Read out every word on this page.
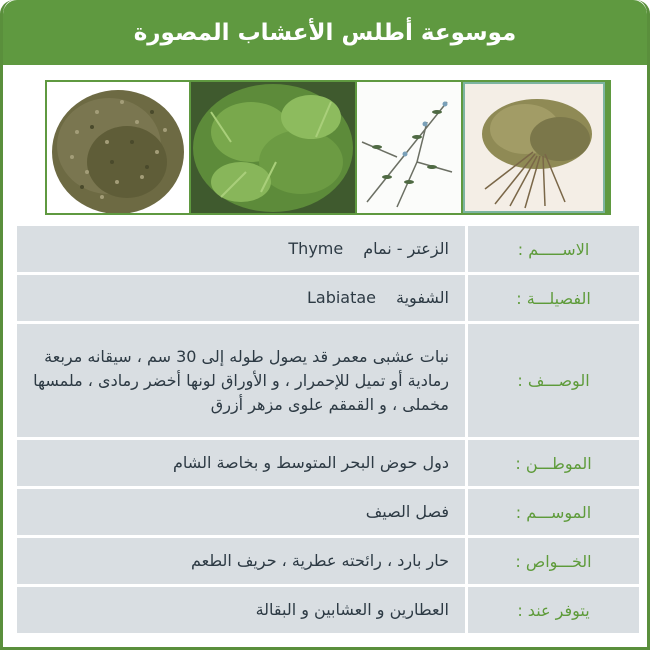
موسوعة أطلس الأعشاب المصورة
الاســـــم :
الزعتر - نمام
Thyme
الفصيلـــة :
الشفوية
Labiatae
الوصـــف :
نبات عشبى معمر قد يصول طوله إلى 30 سم ، سيقانه مربعة رمادية أو تميل للإحمرار ، و الأوراق لونها أخضر رمادى ، ملمسها مخملى ، و القمقم علوى مزهر أزرق
الموطـــن :
دول حوض البحر المتوسط و بخاصة الشام
الموســـم :
فصل الصيف
الخـــواص :
حار بارد ، رائحته عطرية ، حريف الطعم
يتوفر عند :
العطارين و العشابين و البقالة
